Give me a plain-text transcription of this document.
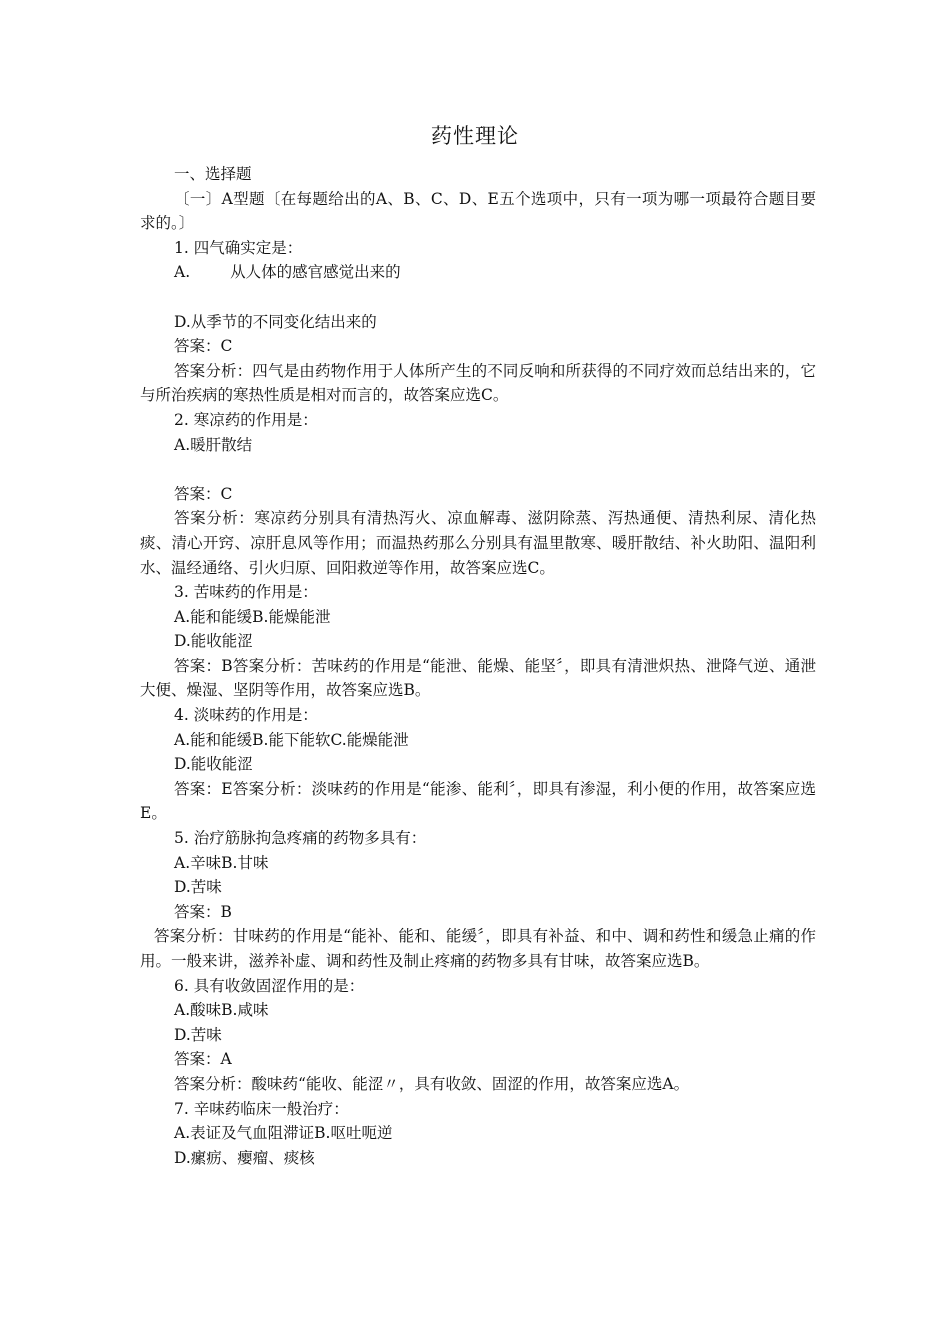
药性理论

一、选择题

〔一〕A型题〔在每题给出的A、B、C、D、E五个选项中，只有一项为哪一项最符合题目要求的。〕

1. 四气确实定是：

A.	从人体的感官感觉出来的

D.从季节的不同变化结出来的

答案：C

答案分析：四气是由药物作用于人体所产生的不同反响和所获得的不同疗效而总结出来的，它与所治疾病的寒热性质是相对而言的，故答案应选C。

2. 寒凉药的作用是：

A.暖肝散结

答案：C

答案分析：寒凉药分别具有清热泻火、凉血解毒、滋阴除蒸、泻热通便、清热利尿、清化热痰、清心开窍、凉肝息风等作用；而温热药那么分别具有温里散寒、暖肝散结、补火助阳、温阳利水、温经通络、引火归原、回阳救逆等作用，故答案应选C。

3. 苦味药的作用是：

A.能和能缓B.能燥能泄

D.能收能涩

答案：B答案分析：苦味药的作用是“能泄、能燥、能坚〞，即具有清泄炽热、泄降气逆、通泄大便、燥湿、坚阴等作用，故答案应选B。

4. 淡味药的作用是：

A.能和能缓B.能下能软C.能燥能泄

D.能收能涩

答案：E答案分析：淡味药的作用是“能渗、能利〞，即具有渗湿，利小便的作用，故答案应选E。

5. 治疗筋脉拘急疼痛的药物多具有：

A.辛味B.甘味

D.苦味

答案：B

答案分析：甘味药的作用是“能补、能和、能缓〞，即具有补益、和中、调和药性和缓急止痛的作用。一般来讲，滋养补虚、调和药性及制止疼痛的药物多具有甘味，故答案应选B。

6. 具有收敛固涩作用的是：

A.酸味B.咸味

D.苦味

答案：A

答案分析：酸味药“能收、能涩〃，具有收敛、固涩的作用，故答案应选A。

7. 辛味药临床一般治疗：

A.表证及气血阻滞证B.呕吐呃逆

D.瘰疬、瘿瘤、痰核
